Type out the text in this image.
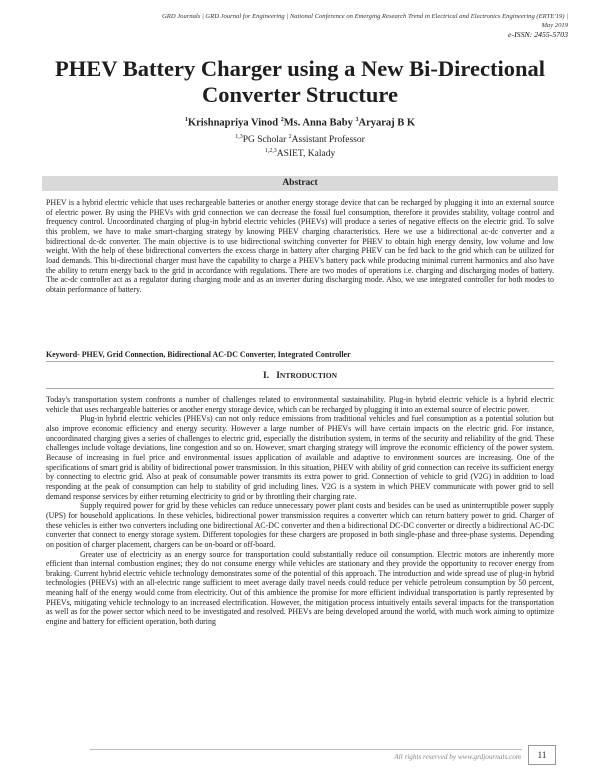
GRD Journals | GRD Journal for Engineering | National Conference on Emerging Research Trend in Electrical and Electronics Engineering (ERTE'19) |
May 2019
e-ISSN: 2455-5703
PHEV Battery Charger using a New Bi-Directional Converter Structure
$^1$Krishnapriya Vinod $^2$Ms. Anna Baby $^3$Aryaraj B K
$^{1,3}$PG Scholar $^2$Assistant Professor
$^{1,2,3}$ASIET, Kalady
Abstract
PHEV is a hybrid electric vehicle that uses rechargeable batteries or another energy storage device that can be recharged by plugging it into an external source of electric power. By using the PHEVs with grid connection we can decrease the fossil fuel consumption, therefore it provides stability, voltage control and frequency control. Uncoordinated charging of plug-in hybrid electric vehicles (PHEVs) will produce a series of negative effects on the electric grid. To solve this problem, we have to make smart-charging strategy by knowing PHEV charging characteristics. Here we use a bidirectional ac-dc converter and a bidirectional dc-dc converter. The main objective is to use bidirectional switching converter for PHEV to obtain high energy density, low volume and low weight. With the help of these bidirectional converters the excess charge in battery after charging PHEV can be fed back to the grid which can be utilized for load demands. This bi-directional charger must have the capability to charge a PHEV's battery pack while producing minimal current harmonics and also have the ability to return energy back to the grid in accordance with regulations. There are two modes of operations i.e. charging and discharging modes of battery. The ac-dc controller act as a regulator during charging mode and as an inverter during discharging mode. Also, we use integrated controller for both modes to obtain performance of battery.
Keyword- PHEV, Grid Connection, Bidirectional AC-DC Converter, Integrated Controller
I. INTRODUCTION

Today's transportation system confronts a number of challenges related to environmental sustainability. Plug-in hybrid electric vehicle is a hybrid electric vehicle that uses rechargeable batteries or another energy storage device, which can be recharged by plugging it into an external source of electric power.

Plug-in hybrid electric vehicles (PHEVs) can not only reduce emissions from traditional vehicles and fuel consumption as a potential solution but also improve economic efficiency and energy security. However a large number of PHEVs will have certain impacts on the electric grid. For instance, uncoordinated charging gives a series of challenges to electric grid, especially the distribution system, in terms of the security and reliability of the grid. These challenges include voltage deviations, line congestion and so on. However, smart charging strategy will improve the economic efficiency of the power system. Because of increasing in fuel price and environmental issues application of available and adaptive to environment sources are increasing. One of the specifications of smart grid is ability of bidirectional power transmission. In this situation, PHEV with ability of grid connection can receive its sufficient energy by connecting to electric grid. Also at peak of consumable power transmits its extra power to grid. Connection of vehicle to grid (V2G) in addition to load responding at the peak of consumption can help to stability of grid including lines. V2G is a system in which PHEV communicate with power grid to sell demand response services by either returning electricity to grid or by throttling their charging rate.

Supply required power for grid by these vehicles can reduce unnecessary power plant costs and besides can be used as uninterruptible power supply (UPS) for household applications. In these vehicles, bidirectional power transmission requires a converter which can return battery power to grid. Charger of these vehicles is either two converters including one bidirectional AC-DC converter and then a bidirectional DC-DC converter or directly a bidirectional AC-DC converter that connect to energy storage system. Different topologies for these chargers are proposed in both single-phase and three-phase systems. Depending on position of charger placement, chargers can be on-board or off-board.

Greater use of electricity as an energy source for transportation could substantially reduce oil consumption. Electric motors are inherently more efficient than internal combustion engines; they do not consume energy while vehicles are stationary and they provide the opportunity to recover energy from braking. Current hybrid electric vehicle technology demonstrates some of the potential of this approach. The introduction and wide spread use of plug-in hybrid technologies (PHEVs) with an all-electric range sufficient to meet average daily travel needs could reduce per vehicle petroleum consumption by 50 percent, meaning half of the energy would come from electricity. Out of this ambience the promise for more efficient individual transportation is partly represented by PHEVs, mitigating vehicle technology to an increased electrification. However, the mitigation process intuitively entails several impacts for the transportation as well as for the power sector which need to be investigated and resolved. PHEVs are being developed around the world, with much work aiming to optimize engine and battery for efficient operation, both during

All rights reserved by www.grdjournals.com	11
